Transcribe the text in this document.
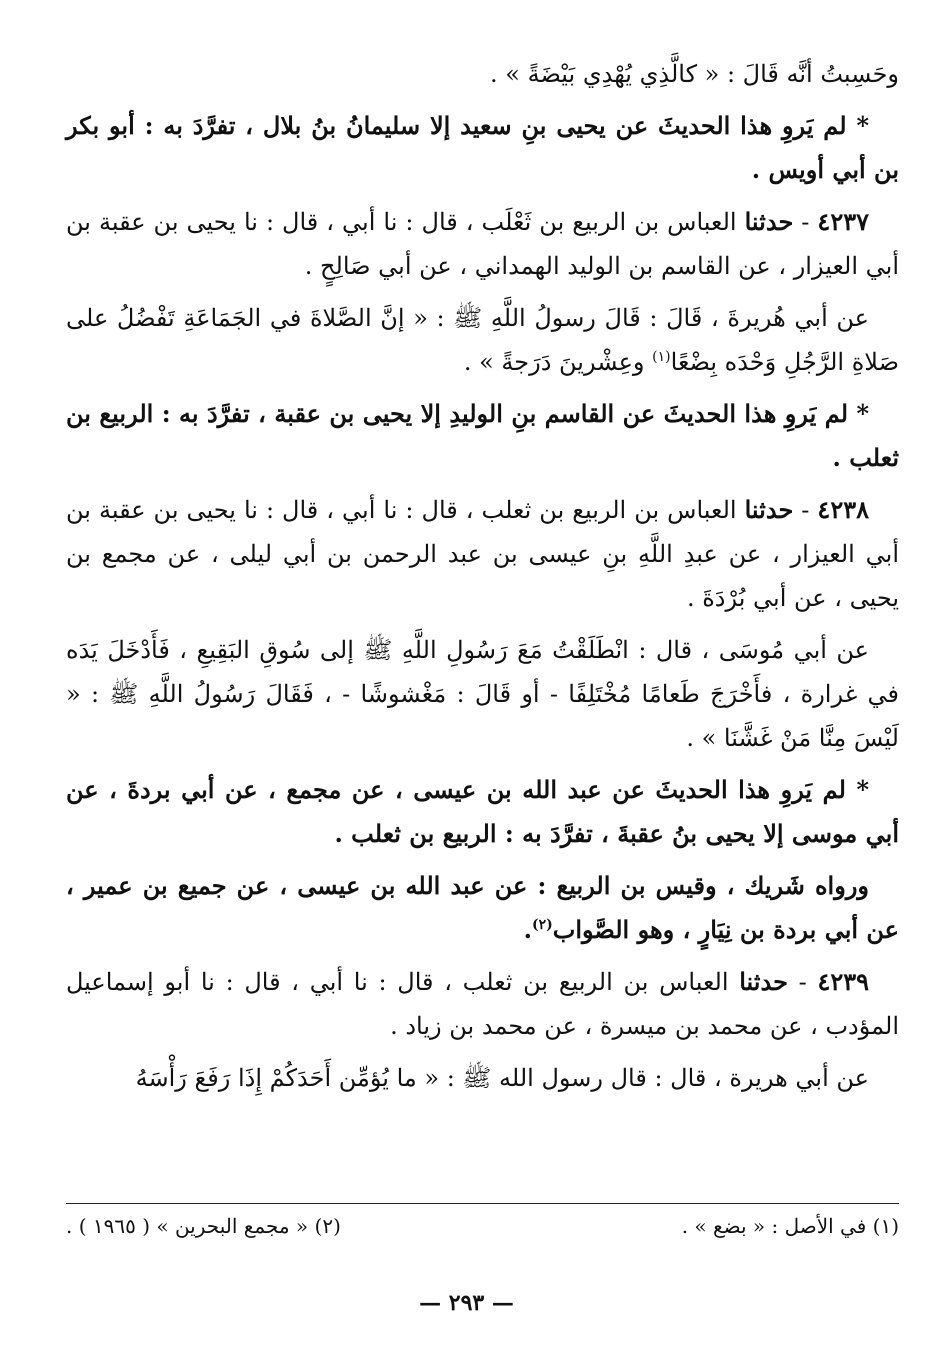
وحَسِبتُ أنَّه قَالَ : « كالَّذِي يُهْدِي بَيْضَةً » .

* لم يَروِ هذا الحديثَ عن يحيى بنِ سعيد إلا سليمانُ بنُ بلال ، تفرَّدَ به : أبو بكر بن أبي أويس .

٤٢٣٧ - حدثنا العباس بن الربيع بن ثَعْلَب ، قال : نا أبي ، قال : نا يحيى بن عقبة بن أبي العيزار ، عن القاسم بن الوليد الهمداني ، عن أبي صَالِحٍ .

عن أبي هُريرةَ ، قَالَ : قَالَ رسولُ اللَّهِ ﷺ : « إنَّ الصَّلاةَ في الجَمَاعَةِ تَفْضُلُ على صَلاةِ الرَّجُلِ وَحْدَه بِضْعًا$^{(١)}$ وعِشْرينَ دَرَجةً » .

* لم يَروِ هذا الحديثَ عن القاسم بنِ الوليدِ إلا يحيى بن عقبة ، تفرَّدَ به : الربيع بن ثعلب .

٤٢٣٨ - حدثنا العباس بن الربيع بن ثعلب ، قال : نا أبي ، قال : نا يحيى بن عقبة بن أبي العيزار ، عن عبدِ اللَّهِ بنِ عيسى بن عبد الرحمن بن أبي ليلى ، عن مجمع بن يحيى ، عن أبي بُرْدَةَ .

عن أبي مُوسَى ، قال : انْطَلَقْتُ مَعَ رَسُولِ اللَّهِ ﷺ إلى سُوقِ البَقِيعِ ، فَأَدْخَلَ يَدَه في غرارة ، فأَخْرَجَ طَعامًا مُخْتَلِفًا - أو قَالَ : مَغْشوشًا - ، فَقَالَ رَسُولُ اللَّهِ ﷺ : « لَيْسَ مِنَّا مَنْ غَشَّنَا » .

* لم يَروِ هذا الحديثَ عن عبد الله بن عيسى ، عن مجمع ، عن أبي بردةَ ، عن أبي موسى إلا يحيى بنُ عقبةَ ، تفرَّدَ به : الربيع بن ثعلب .

ورواه شَريك ، وقيس بن الربيع : عن عبد الله بن عيسى ، عن جميع بن عمير ، عن أبي بردة بن نِيَارٍ ، وهو الصَّواب$^{(٢)}$.

٤٢٣٩ - حدثنا العباس بن الربيع بن ثعلب ، قال : نا أبي ، قال : نا أبو إسماعيل المؤدب ، عن محمد بن ميسرة ، عن محمد بن زياد .

عن أبي هريرة ، قال : قال رسول الله ﷺ : « ما يُؤمِّن أَحَدَكُمْ إِذَا رَفَعَ رَأْسَهُ

(١) في الأصل : « بضع » .
(٢) « مجمع البحرين » ( ١٩٦٥ ) .
— ٢٩٣ —
